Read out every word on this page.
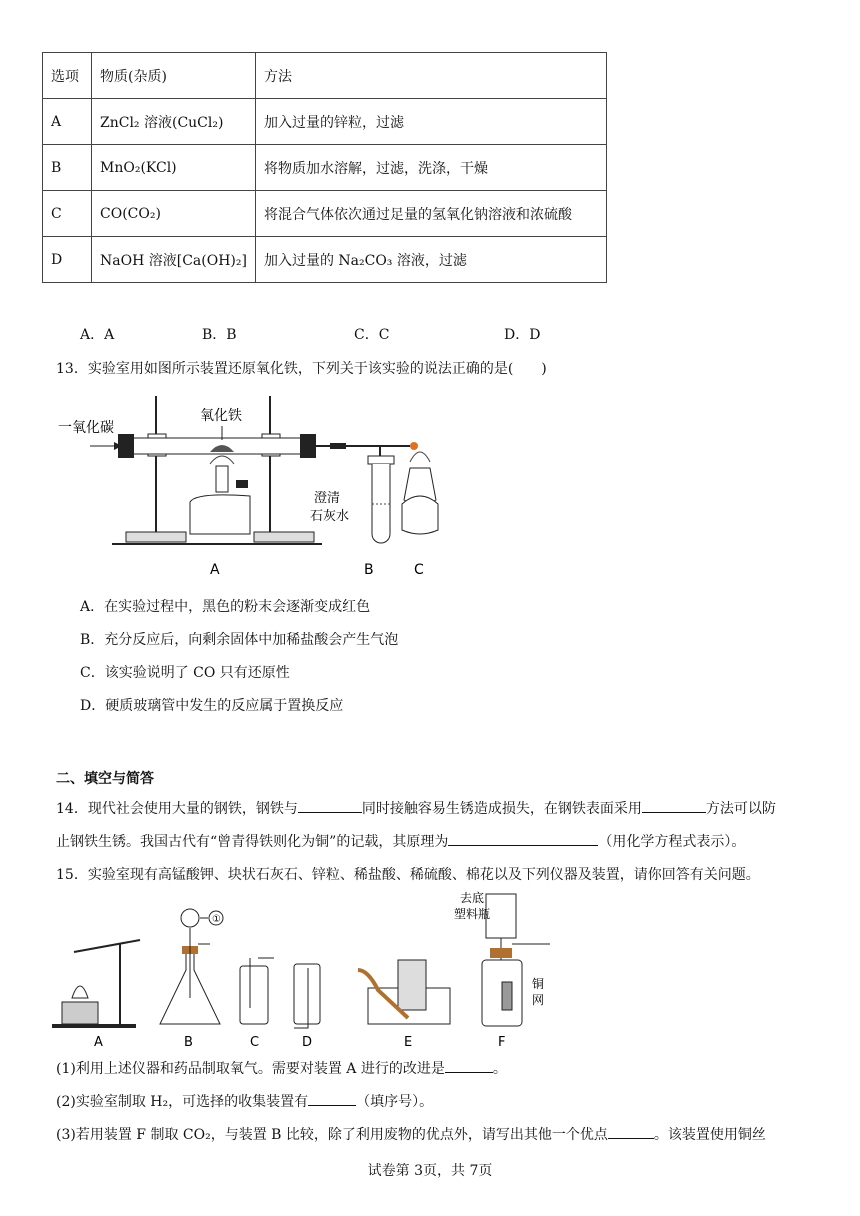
选项	物质(杂质)	方法
A	ZnCl₂ 溶液(CuCl₂)	加入过量的锌粒，过滤
B	MnO₂(KCl)	将物质加水溶解，过滤，洗涤，干燥
C	CO(CO₂)	将混合气体依次通过足量的氢氧化钠溶液和浓硫酸
D	NaOH 溶液[Ca(OH)₂]	加入过量的 Na₂CO₃ 溶液，过滤
A．A	B．B	C．C	D．D
13．实验室用如图所示装置还原氧化铁，下列关于该实验的说法正确的是(　　)
一氧化碳
氧化铁
澄清
石灰水
A	B	C
A．在实验过程中，黑色的粉末会逐渐变成红色
B．充分反应后，向剩余固体中加稀盐酸会产生气泡
C．该实验说明了 CO 只有还原性
D．硬质玻璃管中发生的反应属于置换反应
二、填空与简答
14．现代社会使用大量的钢铁，钢铁与	同时接触容易生锈造成损失，在钢铁表面采用	方法可以防
止钢铁生锈。我国古代有“曾青得铁则化为铜”的记载，其原理为	（用化学方程式表示）。
15．实验室现有高锰酸钾、块状石灰石、锌粒、稀盐酸、稀硫酸、棉花以及下列仪器及装置，请你回答有关问题。
A
①
B	C	D	E
去底
塑料瓶
铜
网
F
(1)利用上述仪器和药品制取氧气。需要对装置 A 进行的改进是	。
(2)实验室制取 H₂，可选择的收集装置有	（填序号）。
(3)若用装置 F 制取 CO₂，与装置 B 比较，除了利用废物的优点外，请写出其他一个优点	。该装置使用铜丝
试卷第 3页，共 7页
